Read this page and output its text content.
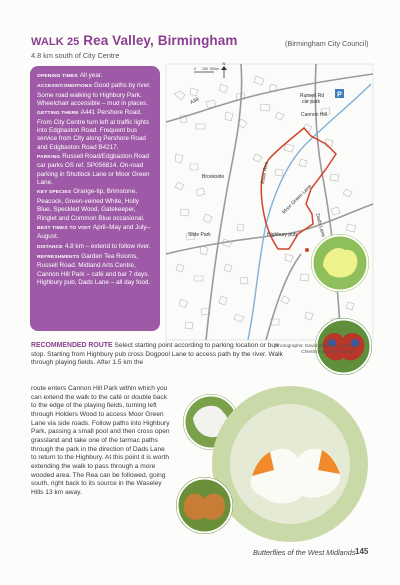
WALK 25 Rea Valley, Birmingham	(Birmingham City Council)
4.8 km south of City Centre

OPENING TIMES All year.

ACCESS/CONDITIONS Good paths by river. Some road walking to Highbury Park. Wheelchair accessible – mud in places.

GETTING THERE A441 Pershore Road. From City Centre turn left at traffic lights into Edgbaston Road. Frequent bus service from City along Pershore Road and Edgbaston Road B4217.

PARKING Russell Road/Edgbaston Road car parks OS ref. SP056814. On-road parking in Shutlock Lane or Moor Green Lane.

KEY SPECIES Orange-tip, Brimstone, Peacock, Green-veined White, Holly Blue, Speckled Wood, Gatekeeper, Ringlet and Common Blue occasional.

BEST TIMES TO VISIT April–May and July–August.

DISTANCE 4.8 km – extend to follow river.

REFRESHMENTS Garden Tea Rooms, Russell Road. Midland Arts Centre, Cannon Hill Park – café and bar 7 days. Highbury pub, Dads Lane – all day food.

P
N
0 100 500m
Russell Rd
car park
Cannon Hill
A38
Brookside	River Rea
Moor Green Lane
Dads Lane
Slide Park	Highbury pub
[Photographs: David Williams, Steven Cheshire and Neil Avery]
RECOMMENDED ROUTE Select starting point according to parking location or bus stop. Starting from Highbury pub cross Dogpool Lane to access path by the river. Walk through playing fields. After 1.5 km the
route enters Cannon Hill Park within which you can extend the walk to the café or double back to the edge of the playing fields, turning left through Holders Wood to access Moor Green Lane via side roads. Follow paths into Highbury Park, passing a small pool and then cross open grassland and take one of the tarmac paths through the park in the direction of Dads Lane to return to the Highbury. At this point it is worth extending the walk to pass through a more wooded area. The Rea can be followed, going south, right back to its source in the Waseley Hills 13 km away.
Butterflies of the West Midlands 145
